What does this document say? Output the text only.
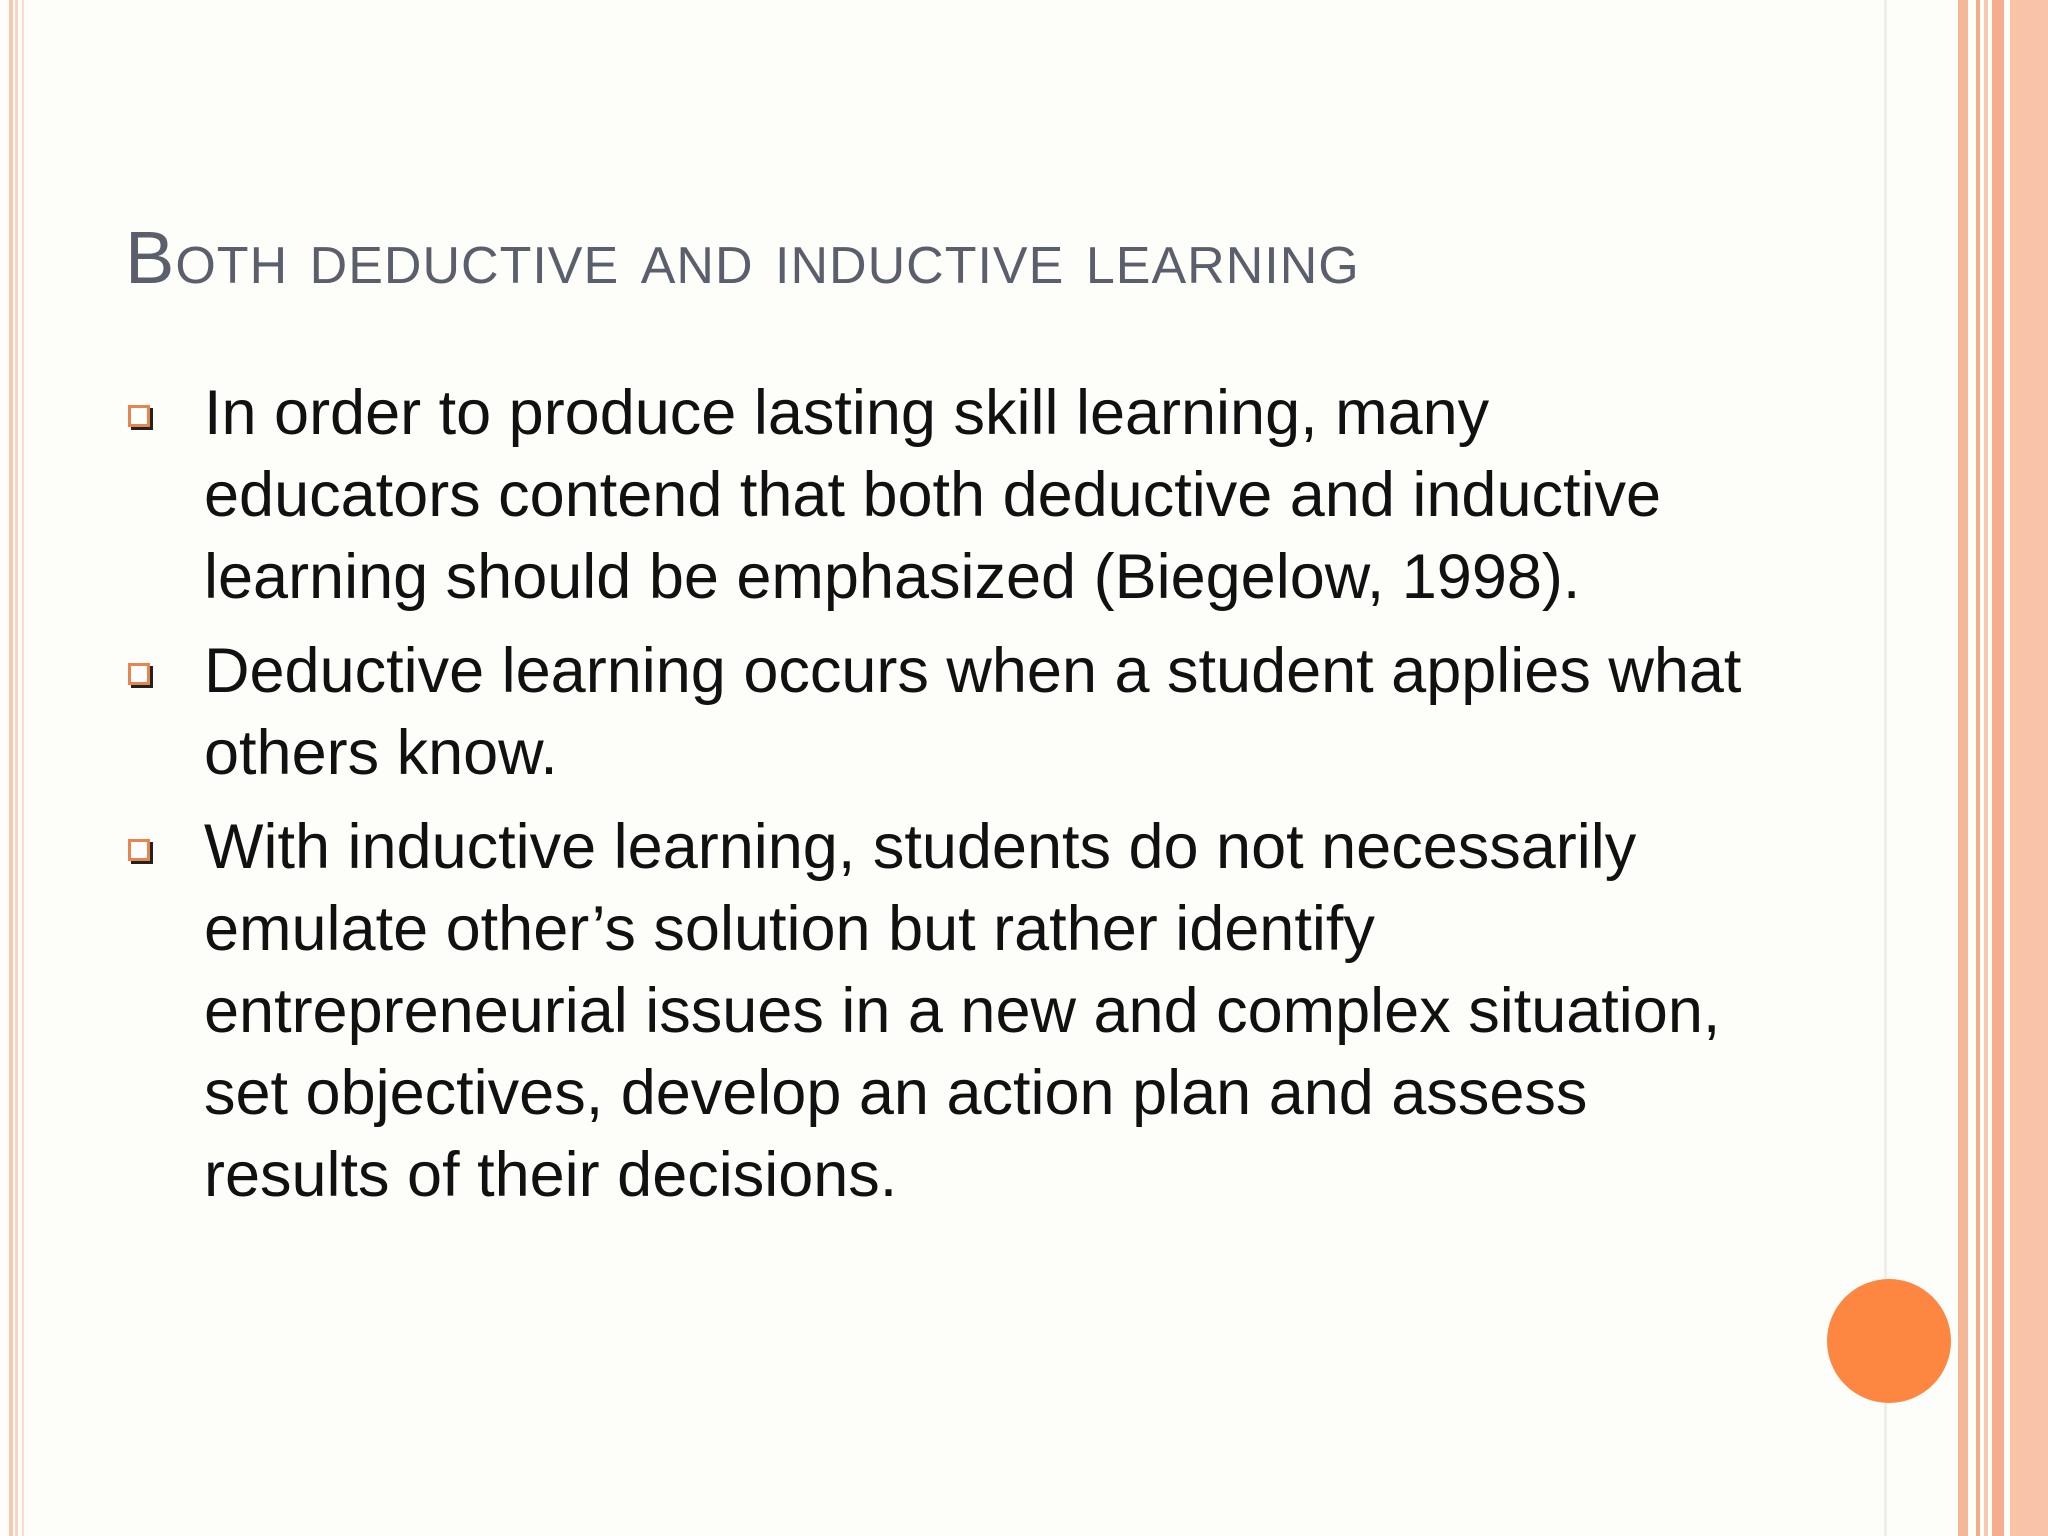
Both deductive and inductive learning
In order to produce lasting skill learning, many educators contend that both deductive and inductive learning should be emphasized (Biegelow, 1998).
Deductive learning occurs when a student applies what others know.
With inductive learning, students do not necessarily emulate other’s solution but rather identify entrepreneurial issues in a new and complex situation, set objectives, develop an action plan and assess results of their decisions.
